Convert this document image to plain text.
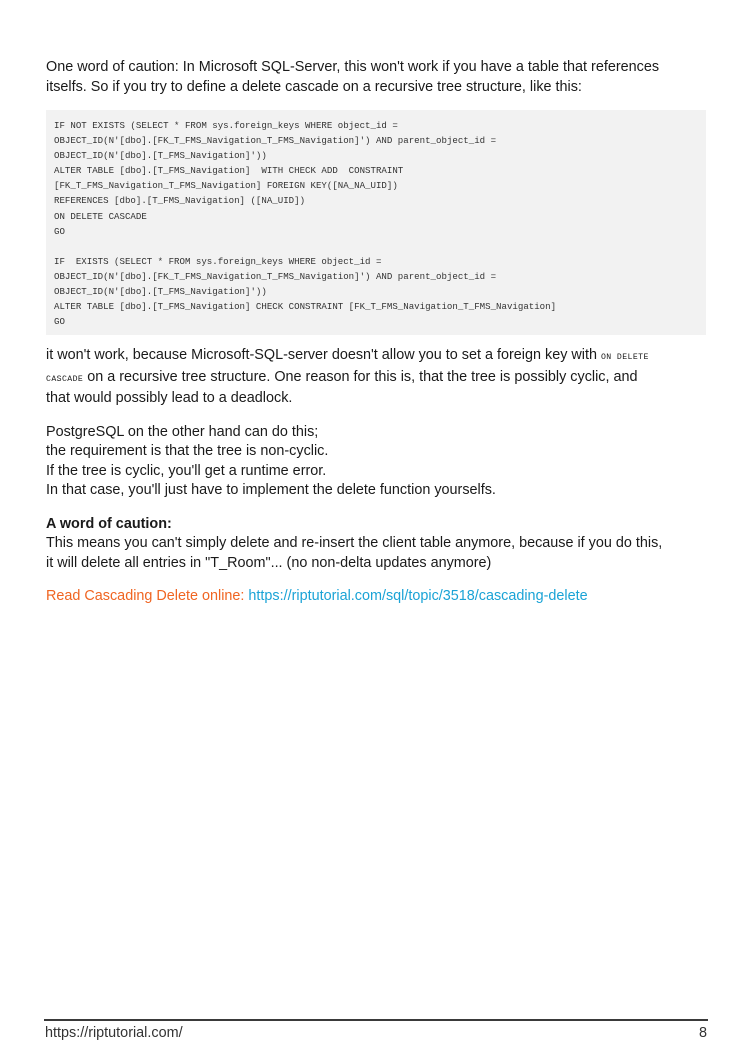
One word of caution: In Microsoft SQL-Server, this won't work if you have a table that references
itselfs. So if you try to define a delete cascade on a recursive tree structure, like this:

IF NOT EXISTS (SELECT * FROM sys.foreign_keys WHERE object_id =
OBJECT_ID(N'[dbo].[FK_T_FMS_Navigation_T_FMS_Navigation]') AND parent_object_id =
OBJECT_ID(N'[dbo].[T_FMS_Navigation]'))
ALTER TABLE [dbo].[T_FMS_Navigation]  WITH CHECK ADD  CONSTRAINT
[FK_T_FMS_Navigation_T_FMS_Navigation] FOREIGN KEY([NA_NA_UID])
REFERENCES [dbo].[T_FMS_Navigation] ([NA_UID])
ON DELETE CASCADE
GO
IF  EXISTS (SELECT * FROM sys.foreign_keys WHERE object_id =
OBJECT_ID(N'[dbo].[FK_T_FMS_Navigation_T_FMS_Navigation]') AND parent_object_id =
OBJECT_ID(N'[dbo].[T_FMS_Navigation]'))
ALTER TABLE [dbo].[T_FMS_Navigation] CHECK CONSTRAINT [FK_T_FMS_Navigation_T_FMS_Navigation]
GO

it won't work, because Microsoft-SQL-server doesn't allow you to set a foreign key with ON DELETE
CASCADE on a recursive tree structure. One reason for this is, that the tree is possibly cyclic, and
that would possibly lead to a deadlock.

PostgreSQL on the other hand can do this;
the requirement is that the tree is non-cyclic.
If the tree is cyclic, you'll get a runtime error.
In that case, you'll just have to implement the delete function yourselfs.

A word of caution:

This means you can't simply delete and re-insert the client table anymore, because if you do this,
it will delete all entries in "T_Room"... (no non-delta updates anymore)

Read Cascading Delete online: https://riptutorial.com/sql/topic/3518/cascading-delete

https://riptutorial.com/	8
